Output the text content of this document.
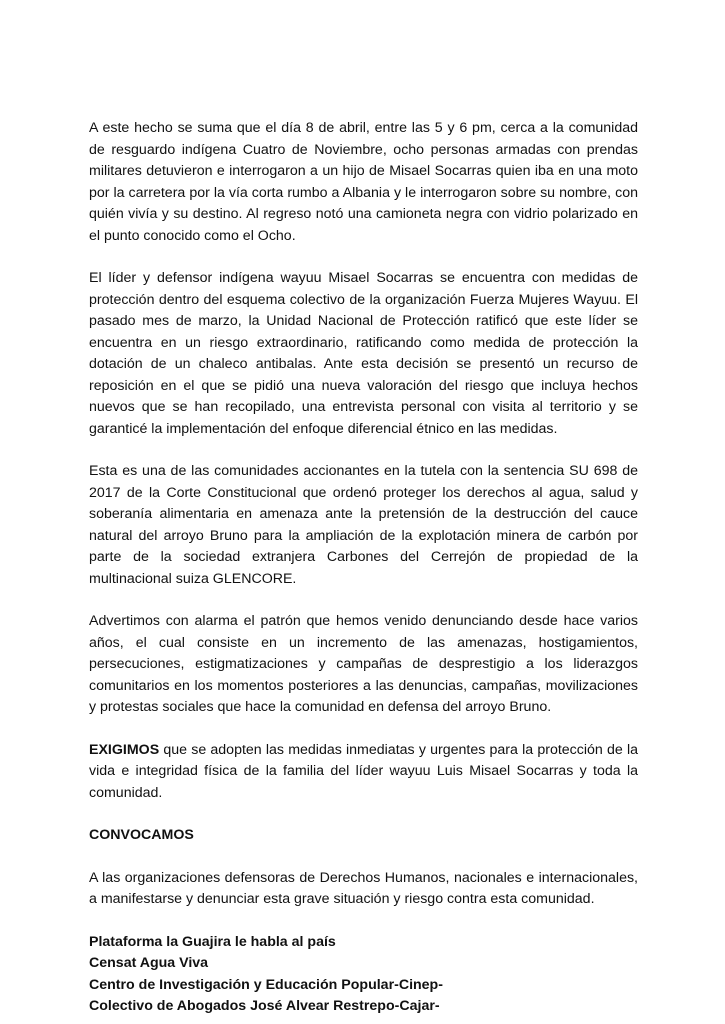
A este hecho se suma que el día 8 de abril, entre las 5 y 6 pm, cerca a la comunidad de resguardo indígena Cuatro de Noviembre, ocho personas armadas con prendas militares detuvieron e interrogaron a un hijo de Misael Socarras quien iba en una moto por la carretera por la vía corta rumbo a Albania y le interrogaron sobre su nombre, con quién vivía y su destino. Al regreso notó una camioneta negra con vidrio polarizado en el punto conocido como el Ocho.

El líder y defensor indígena wayuu Misael Socarras se encuentra con medidas de protección dentro del esquema colectivo de la organización Fuerza Mujeres Wayuu. El pasado mes de marzo, la Unidad Nacional de Protección ratificó que este líder se encuentra en un riesgo extraordinario, ratificando como medida de protección la dotación de un chaleco antibalas. Ante esta decisión se presentó un recurso de reposición en el que se pidió una nueva valoración del riesgo que incluya hechos nuevos que se han recopilado, una entrevista personal con visita al territorio y se garanticé la implementación del enfoque diferencial étnico en las medidas.

Esta es una de las comunidades accionantes en la tutela con la sentencia SU 698 de 2017 de la Corte Constitucional que ordenó proteger los derechos al agua, salud y soberanía alimentaria en amenaza ante la pretensión de la destrucción del cauce natural del arroyo Bruno para la ampliación de la explotación minera de carbón por parte de la sociedad extranjera Carbones del Cerrejón de propiedad de la multinacional suiza GLENCORE.

Advertimos con alarma el patrón que hemos venido denunciando desde hace varios años, el cual consiste en un incremento de las amenazas, hostigamientos, persecuciones, estigmatizaciones y campañas de desprestigio a los liderazgos comunitarios en los momentos posteriores a las denuncias, campañas, movilizaciones y protestas sociales que hace la comunidad en defensa del arroyo Bruno.

EXIGIMOS que se adopten las medidas inmediatas y urgentes para la protección de la vida e integridad física de la familia del líder wayuu Luis Misael Socarras y toda la comunidad.

CONVOCAMOS

A las organizaciones defensoras de Derechos Humanos, nacionales e internacionales, a manifestarse y denunciar esta grave situación y riesgo contra esta comunidad.

Plataforma la Guajira le habla al país
Censat Agua Viva
Centro de Investigación y Educación Popular-Cinep-
Colectivo de Abogados José Alvear Restrepo-Cajar-
